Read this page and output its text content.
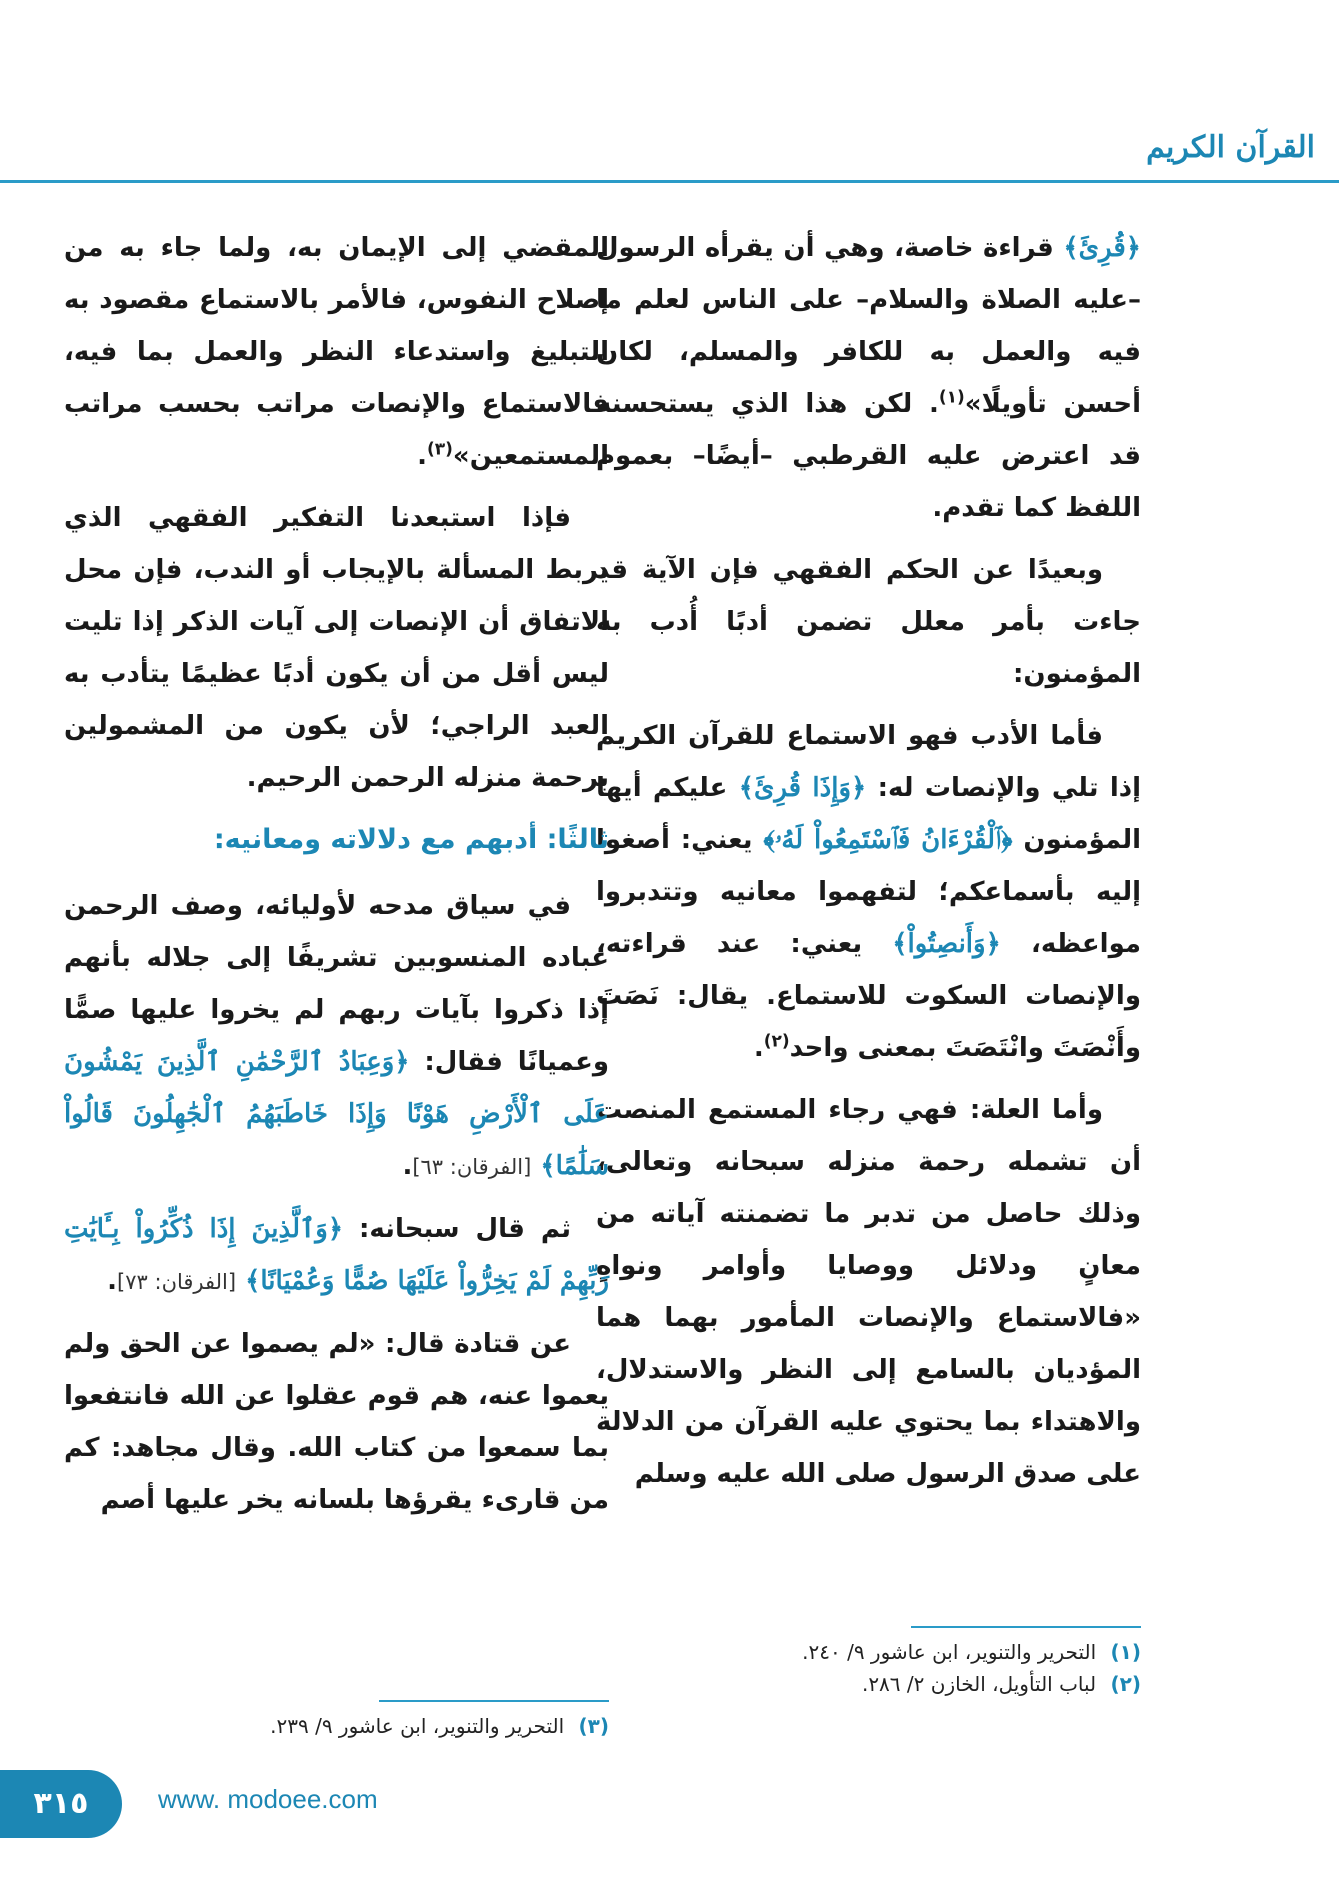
القرآن الكريم

﴿قُرِئَ﴾ قراءة خاصة، وهي أن يقرأه الرسول –عليه الصلاة والسلام– على الناس لعلم ما فيه والعمل به للكافر والمسلم، لكان أحسن تأويلًا»$^{(١)}$. لكن هذا الذي يستحسنه قد اعترض عليه القرطبي –أيضًا– بعموم اللفظ كما تقدم.

وبعيدًا عن الحكم الفقهي فإن الآية قد جاءت بأمر معلل تضمن أدبًا أُدب به المؤمنون:

فأما الأدب فهو الاستماع للقرآن الكريم إذا تلي والإنصات له: ﴿وَإِذَا قُرِئَ﴾ عليكم أيها المؤمنون ﴿ٱلْقُرْءَانُ فَٱسْتَمِعُواْ لَهُۥ﴾ يعني: أصغوا إليه بأسماعكم؛ لتفهموا معانيه وتتدبروا مواعظه، ﴿وَأَنصِتُواْ﴾ يعني: عند قراءته، والإنصات السكوت للاستماع. يقال: نَصَتَ وأَنْصَتَ وانْتَصَتَ بمعنى واحد$^{(٢)}$.

وأما العلة: فهي رجاء المستمع المنصت أن تشمله رحمة منزله سبحانه وتعالى، وذلك حاصل من تدبر ما تضمنته آياته من معانٍ ودلائل ووصايا وأوامر ونواهٍ «فالاستماع والإنصات المأمور بهما هما المؤديان بالسامع إلى النظر والاستدلال، والاهتداء بما يحتوي عليه القرآن من الدلالة على صدق الرسول صلى الله عليه وسلم

المقضي إلى الإيمان به، ولما جاء به من إصلاح النفوس، فالأمر بالاستماع مقصود به التبليغ واستدعاء النظر والعمل بما فيه، فالاستماع والإنصات مراتب بحسب مراتب المستمعين»$^{(٣)}$.

فإذا استبعدنا التفكير الفقهي الذي يربط المسألة بالإيجاب أو الندب، فإن محل الاتفاق أن الإنصات إلى آيات الذكر إذا تليت ليس أقل من أن يكون أدبًا عظيمًا يتأدب به العبد الراجي؛ لأن يكون من المشمولين برحمة منزله الرحمن الرحيم.

ثالثًا: أدبهم مع دلالاته ومعانيه:

في سياق مدحه لأوليائه، وصف الرحمن عباده المنسوبين تشريفًا إلى جلاله بأنهم إذا ذكروا بآيات ربهم لم يخروا عليها صمًّا وعميانًا فقال: ﴿وَعِبَادُ ٱلرَّحْمَٰنِ ٱلَّذِينَ يَمْشُونَ عَلَى ٱلْأَرْضِ هَوْنًا وَإِذَا خَاطَبَهُمُ ٱلْجَٰهِلُونَ قَالُواْ سَلَٰمًا﴾ [الفرقان: ٦٣].

ثم قال سبحانه: ﴿وَٱلَّذِينَ إِذَا ذُكِّرُواْ بِـَٔايَٰتِ رَبِّهِمْ لَمْ يَخِرُّواْ عَلَيْهَا صُمًّا وَعُمْيَانًا﴾ [الفرقان: ٧٣].

عن قتادة قال: «لم يصموا عن الحق ولم يعموا عنه، هم قوم عقلوا عن الله فانتفعوا بما سمعوا من كتاب الله. وقال مجاهد: كم من قارىء يقرؤها بلسانه يخر عليها أصم

(١) التحرير والتنوير، ابن عاشور ٩/ ٢٤٠.
(٢) لباب التأويل، الخازن ٢/ ٢٨٦.
(٣) التحرير والتنوير، ابن عاشور ٩/ ٢٣٩.
٣١٥	www. modoee.com
